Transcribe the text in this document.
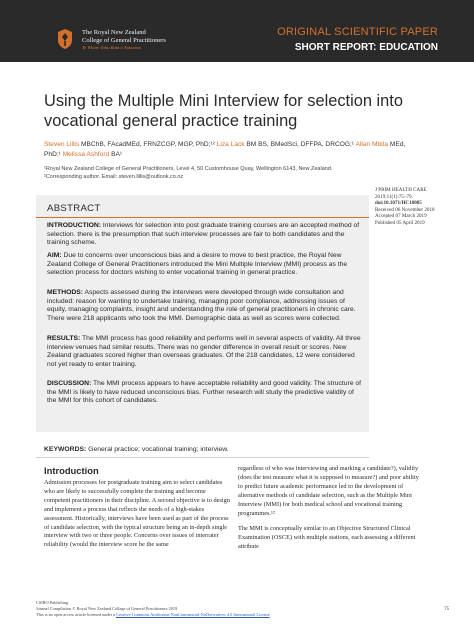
The Royal New Zealand
College of General Practitioners
Te Whare Tohu Rata o Aotearoa
ORIGINAL SCIENTIFIC PAPER
SHORT REPORT: EDUCATION
Using the Multiple Mini Interview for selection into vocational general practice training
Steven Lillis MBChB, FAcadMEd, FRNZCGP, MGP, PhD;¹² Liza Lack BM BS, BMedSci, DFFPA, DRCOG;¹ Allan Mbita MEd, PhD;¹ Melissa Ashford BA¹
¹Royal New Zealand College of General Practitioners, Level 4, 50 Customhouse Quay, Wellington 6143, New Zealand.
²Corresponding author. Email: steven.lillis@outlook.co.nz
J PRIM HEALTH CARE
2019;11(1):75–79.
doi:10.1071/HC18085
Received 06 November 2018
Accepted 07 March 2019
Published 05 April 2019
ABSTRACT

INTRODUCTION: Interviews for selection into post graduate training courses are an accepted method of selection. there is the presumption that such interview processes are fair to both candidates and the training scheme.

AIM: Due to concerns over unconscious bias and a desire to move to best practice, the Royal New Zealand College of General Practitioners introduced the Mini Multiple Interview (MMI) process as the selection process for doctors wishing to enter vocational training in general practice.

METHODS: Aspects assessed during the interviews were developed through wide consultation and included: reason for wanting to undertake training, managing poor compliance, addressing issues of equity, managing complaints, insight and understanding the role of general practitioners in chronic care. There were 218 applicants who took the MMI. Demographic data as well as scores were collected.

RESULTS: The MMI process has good reliability and performs well in several aspects of validity. All three interview venues had similar results. There was no gender difference in overall result or scores. New Zealand graduates scored higher than overseas graduates. Of the 218 candidates, 12 were considered not yet ready to enter training.

DISCUSSION: The MMI process appears to have acceptable reliability and good validity. The structure of the MMI is likely to have reduced unconscious bias. Further research will study the predictive validity of the MMI for this cohort of candidates.

KEYWORDS: General practice; vocational training; interview.
Introduction

Admission processes for postgraduate training aim to select candidates who are likely to successfully complete the training and become competent practitioners in their discipline. A second objective is to design and implement a process that reflects the needs of a high-stakes assessment. Historically, interviews have been used as part of the process of candidate selection, with the typical structure being an in-depth single interview with two or three people. Concerns over issues of interrater reliability (would the interview score be the same

regardless of who was interviewing and marking a candidate?), validity (does the test measure what it is supposed to measure?) and poor ability to predict future academic performance led to the development of alternative methods of candidate selection, such as the Multiple Mini Interview (MMI) for both medical school and vocational training programmes.¹²

The MMI is conceptually similar to an Objective Structured Clinical Examination (OSCE) with multiple stations, each assessing a different attribute

CSIRO Publishing
Journal Compilation © Royal New Zealand College of General Practitioners 2019
This is an open access article licensed under a Creative Commons Attribution-NonCommercial-NoDerivatives 4.0 International License
75
